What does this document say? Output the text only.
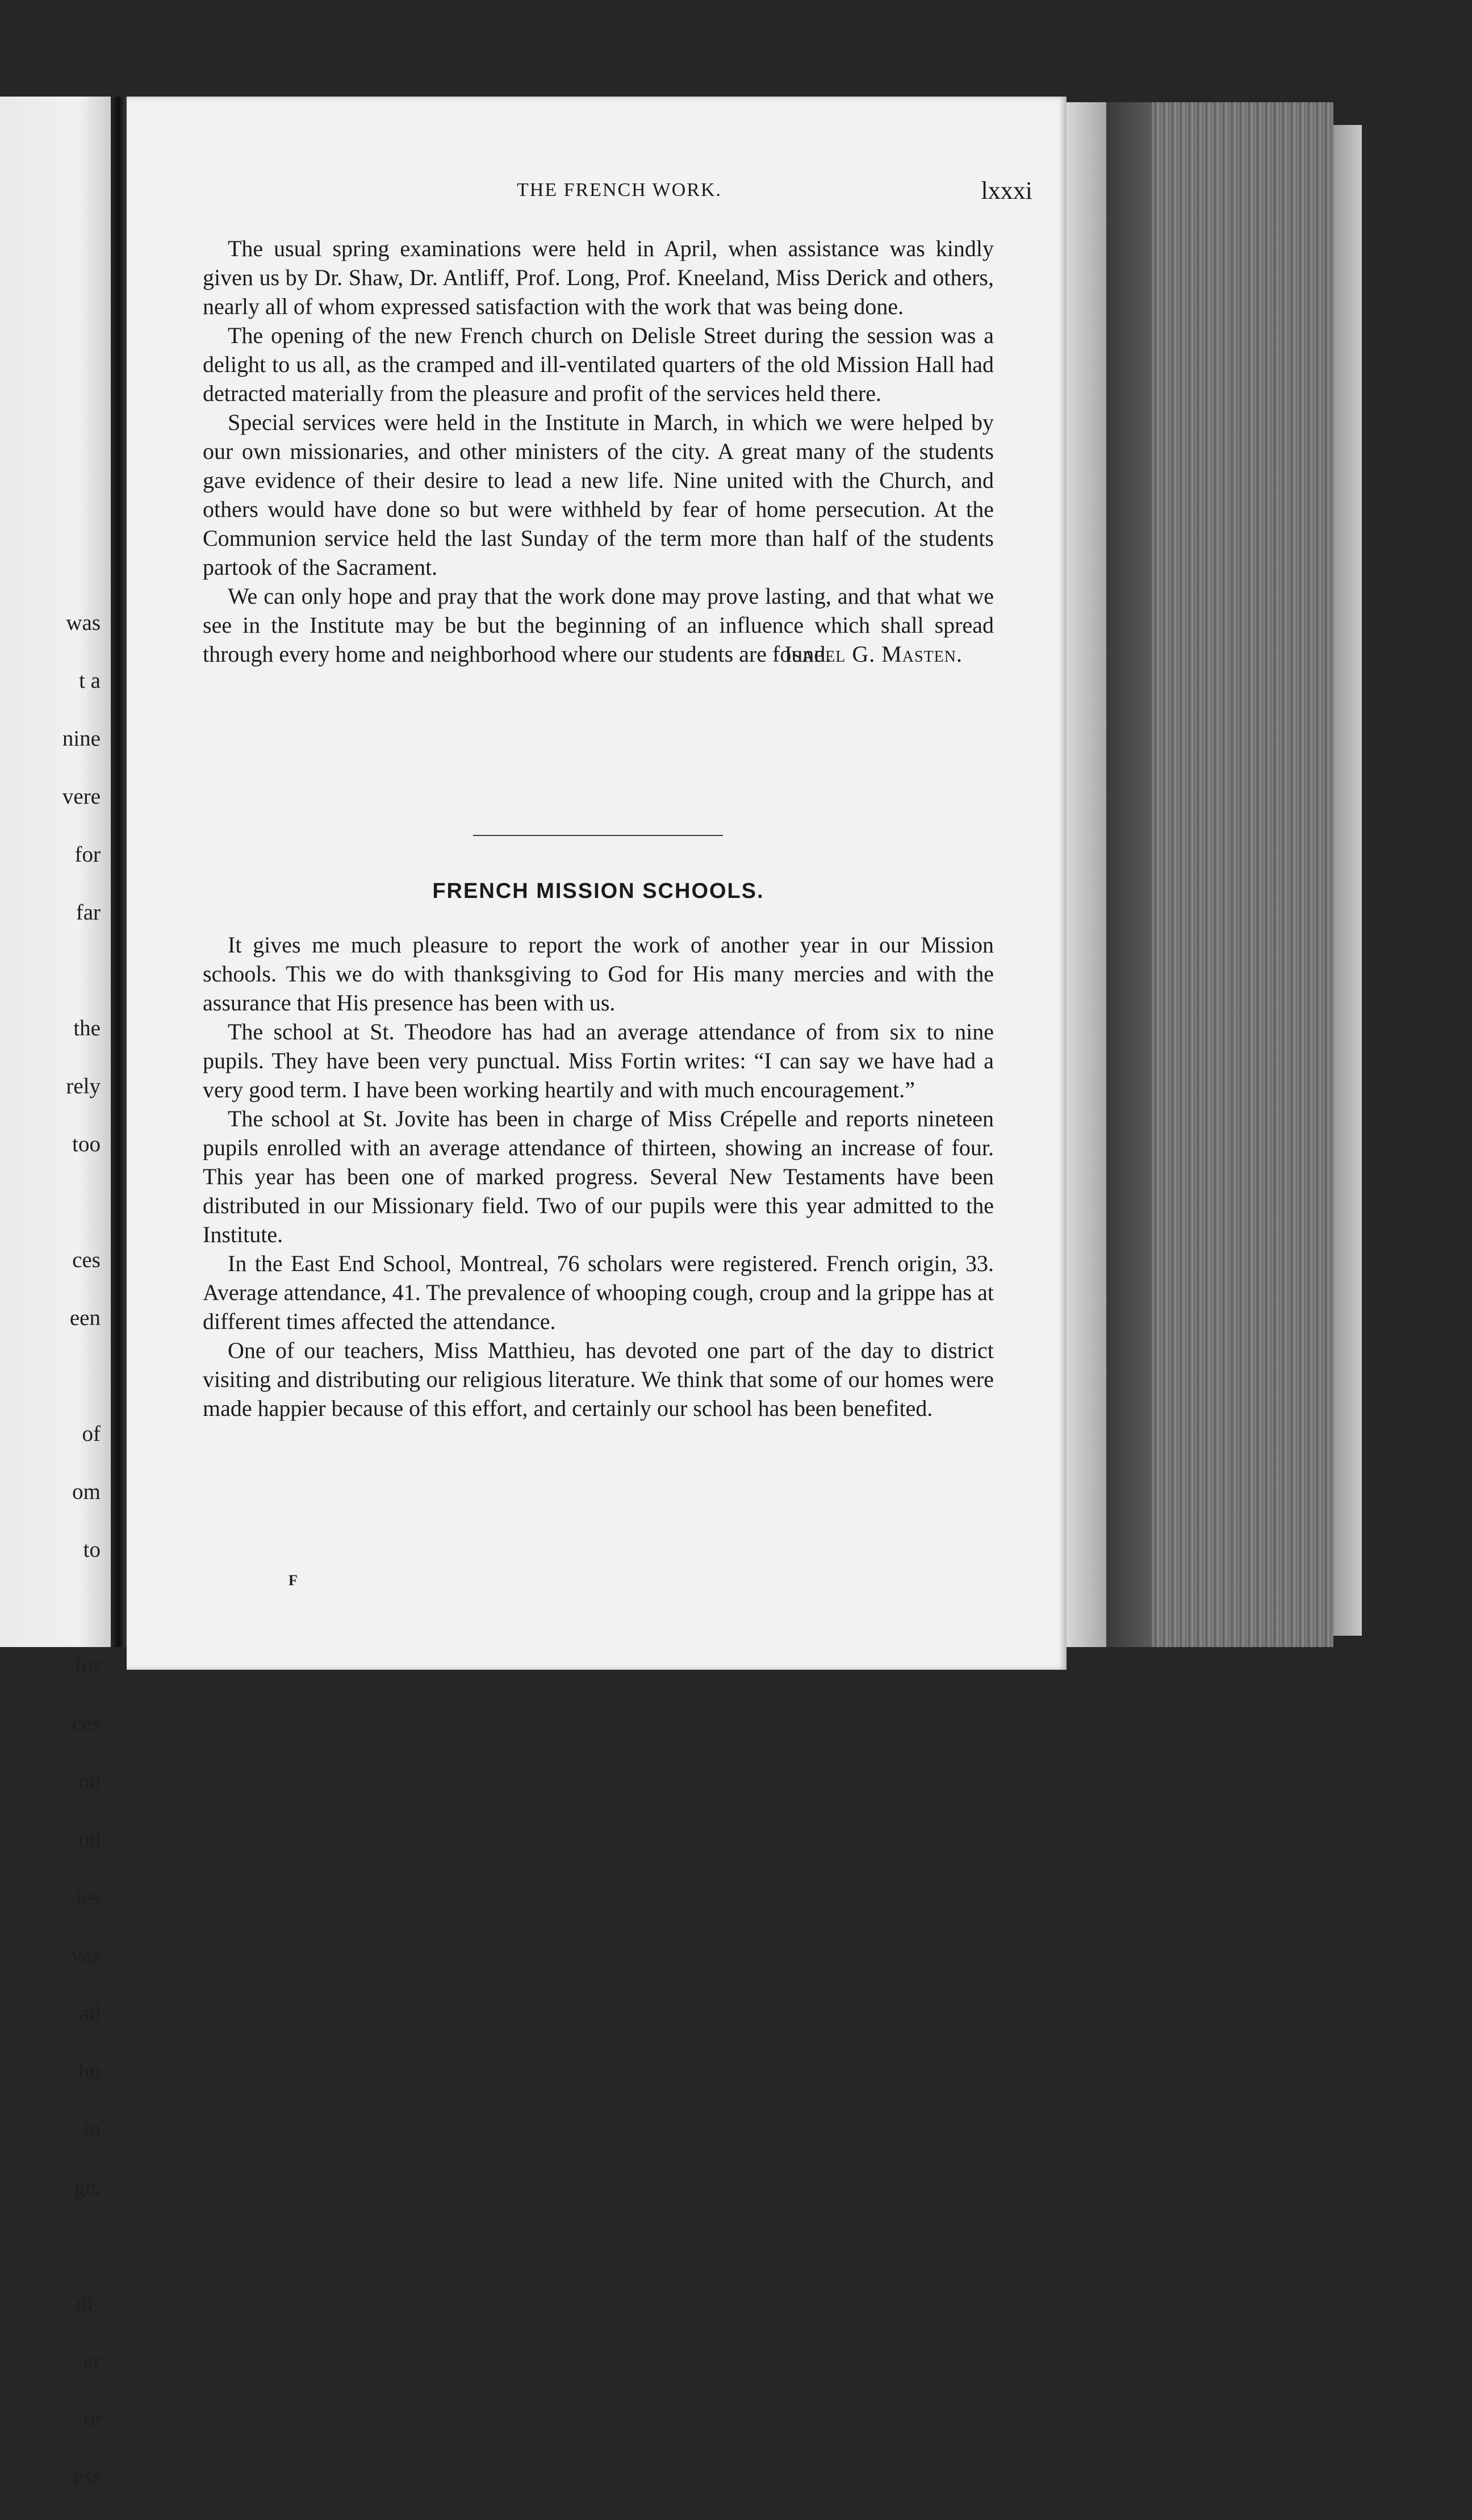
was

t a

nine

vere

for

far

the

rely

too

ces

een

of

om

to

for

ces

nd

nd

ies

vas

ad

ho

in

ge,

ni-

er

re

ess

THE FRENCH WORK.	lxxxi

The usual spring examinations were held in April, when assistance was kindly given us by Dr. Shaw, Dr. Antliff, Prof. Long, Prof. Kneeland, Miss Derick and others, nearly all of whom expressed satisfaction with the work that was being done.

The opening of the new French church on Delisle Street during the session was a delight to us all, as the cramped and ill-ventilated quarters of the old Mission Hall had detracted materially from the pleasure and profit of the services held there.

Special services were held in the Institute in March, in which we were helped by our own missionaries, and other ministers of the city. A great many of the students gave evidence of their desire to lead a new life. Nine united with the Church, and others would have done so but were withheld by fear of home persecution. At the Communion service held the last Sunday of the term more than half of the students partook of the Sacrament.

We can only hope and pray that the work done may prove lasting, and that what we see in the Institute may be but the beginning of an influence which shall spread through every home and neighborhood where our students are found.

Isabel G. Masten.
FRENCH MISSION SCHOOLS.

It gives me much pleasure to report the work of another year in our Mission schools. This we do with thanksgiving to God for His many mercies and with the assurance that His presence has been with us.

The school at St. Theodore has had an average attendance of from six to nine pupils. They have been very punctual. Miss Fortin writes: “I can say we have had a very good term. I have been working heartily and with much encouragement.”

The school at St. Jovite has been in charge of Miss Crépelle and reports nineteen pupils enrolled with an average attendance of thirteen, showing an increase of four. This year has been one of marked progress. Several New Testaments have been distributed in our Missionary field. Two of our pupils were this year admitted to the Institute.

In the East End School, Montreal, 76 scholars were registered. French origin, 33. Average attendance, 41. The prevalence of whooping cough, croup and la grippe has at different times affected the attendance.

One of our teachers, Miss Matthieu, has devoted one part of the day to district visiting and distributing our religious literature. We think that some of our homes were made happier because of this effort, and certainly our school has been benefited.

F
